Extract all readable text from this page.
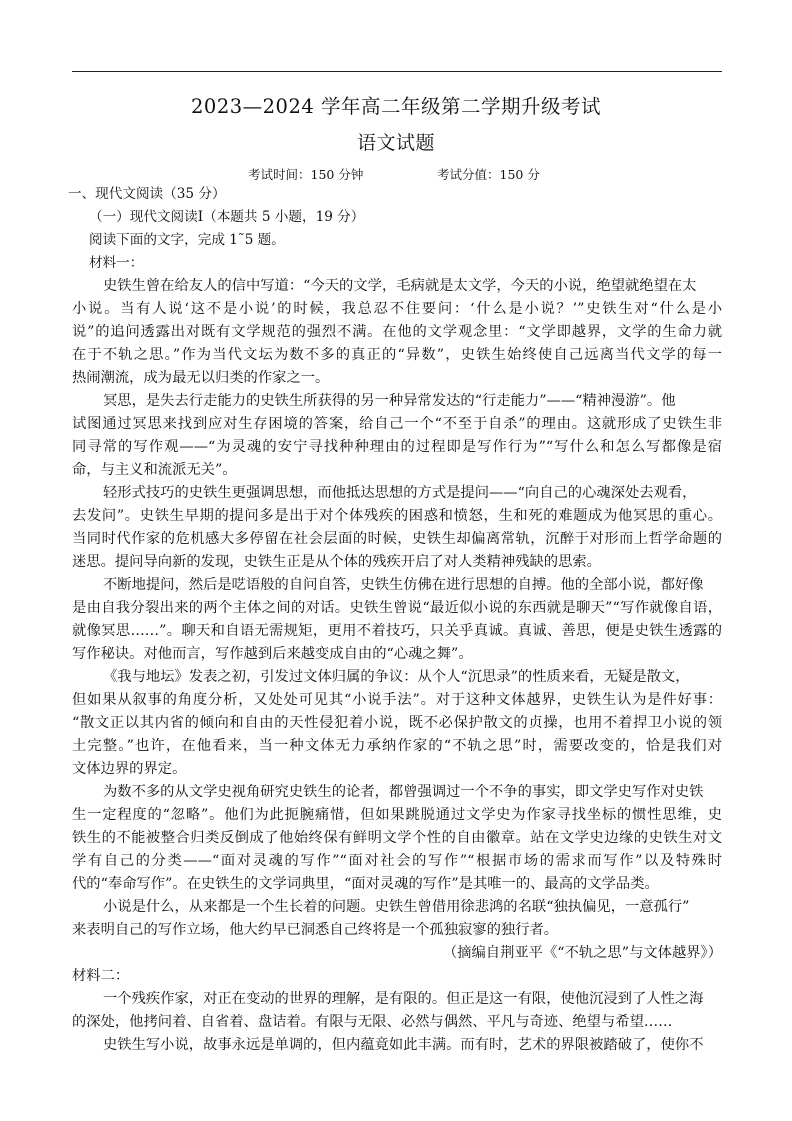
2023—2024 学年高二年级第二学期升级考试
语文试题
考试时间：150 分钟	考试分值：150 分
一、现代文阅读（35 分）
（一）现代文阅读Ⅰ（本题共 5 小题，19 分）
阅读下面的文字，完成 1˜5 题。
材料一：
史铁生曾在给友人的信中写道：“今天的文学，毛病就是太文学，今天的小说，绝望就绝望在太
小说。当有人说‘这不是小说’的时候，我总忍不住要问：‘什么是小说？’”史铁生对“什么是小
说”的追问透露出对既有文学规范的强烈不满。在他的文学观念里：“文学即越界，文学的生命力就
在于不轨之思。”作为当代文坛为数不多的真正的“异数”，史铁生始终使自己远离当代文学的每一
热闹潮流，成为最无以归类的作家之一。
冥思，是失去行走能力的史铁生所获得的另一种异常发达的“行走能力”——“精神漫游”。他
试图通过冥思来找到应对生存困境的答案，给自己一个“不至于自杀”的理由。这就形成了史铁生非
同寻常的写作观——“为灵魂的安宁寻找种种理由的过程即是写作行为”“写什么和怎么写都像是宿
命，与主义和流派无关”。
轻形式技巧的史铁生更强调思想，而他抵达思想的方式是提问——“向自己的心魂深处去观看，
去发问”。史铁生早期的提问多是出于对个体残疾的困惑和愤怒，生和死的难题成为他冥思的重心。
当同时代作家的危机感大多停留在社会层面的时候，史铁生却偏离常轨，沉醉于对形而上哲学命题的
迷思。提问导向新的发现，史铁生正是从个体的残疾开启了对人类精神残缺的思索。
不断地提问，然后是呓语般的自问自答，史铁生仿佛在进行思想的自搏。他的全部小说，都好像
是由自我分裂出来的两个主体之间的对话。史铁生曾说“最近似小说的东西就是聊天”“写作就像自语，
就像冥思……”。聊天和自语无需规矩，更用不着技巧，只关乎真诚。真诚、善思，便是史铁生透露的
写作秘诀。对他而言，写作越到后来越变成自由的“心魂之舞”。
《我与地坛》发表之初，引发过文体归属的争议：从个人“沉思录”的性质来看，无疑是散文，
但如果从叙事的角度分析，又处处可见其“小说手法”。对于这种文体越界，史铁生认为是件好事：
“散文正以其内省的倾向和自由的天性侵犯着小说，既不必保护散文的贞操，也用不着捍卫小说的领
土完整。”也许，在他看来，当一种文体无力承纳作家的“不轨之思”时，需要改变的，恰是我们对
文体边界的界定。
为数不多的从文学史视角研究史铁生的论者，都曾强调过一个不争的事实，即文学史写作对史铁
生一定程度的“忽略”。他们为此扼腕痛惜，但如果跳脱通过文学史为作家寻找坐标的惯性思维，史
铁生的不能被整合归类反倒成了他始终保有鲜明文学个性的自由徽章。站在文学史边缘的史铁生对文
学有自己的分类——“面对灵魂的写作”“面对社会的写作”“根据市场的需求而写作”以及特殊时
代的“奉命写作”。在史铁生的文学词典里，“面对灵魂的写作”是其唯一的、最高的文学品类。
小说是什么，从来都是一个生长着的问题。史铁生曾借用徐悲鸿的名联“独执偏见，一意孤行”
来表明自己的写作立场，他大约早已洞悉自己终将是一个孤独寂寥的独行者。
（摘编自荆亚平《“不轨之思”与文体越界》）
材料二：
一个残疾作家，对正在变动的世界的理解，是有限的。但正是这一有限，使他沉浸到了人性之海
的深处，他拷问着、自省着、盘诘着。有限与无限、必然与偶然、平凡与奇迹、绝望与希望……
史铁生写小说，故事永远是单调的，但内蕴竟如此丰满。而有时，艺术的界限被踏破了，使你不
